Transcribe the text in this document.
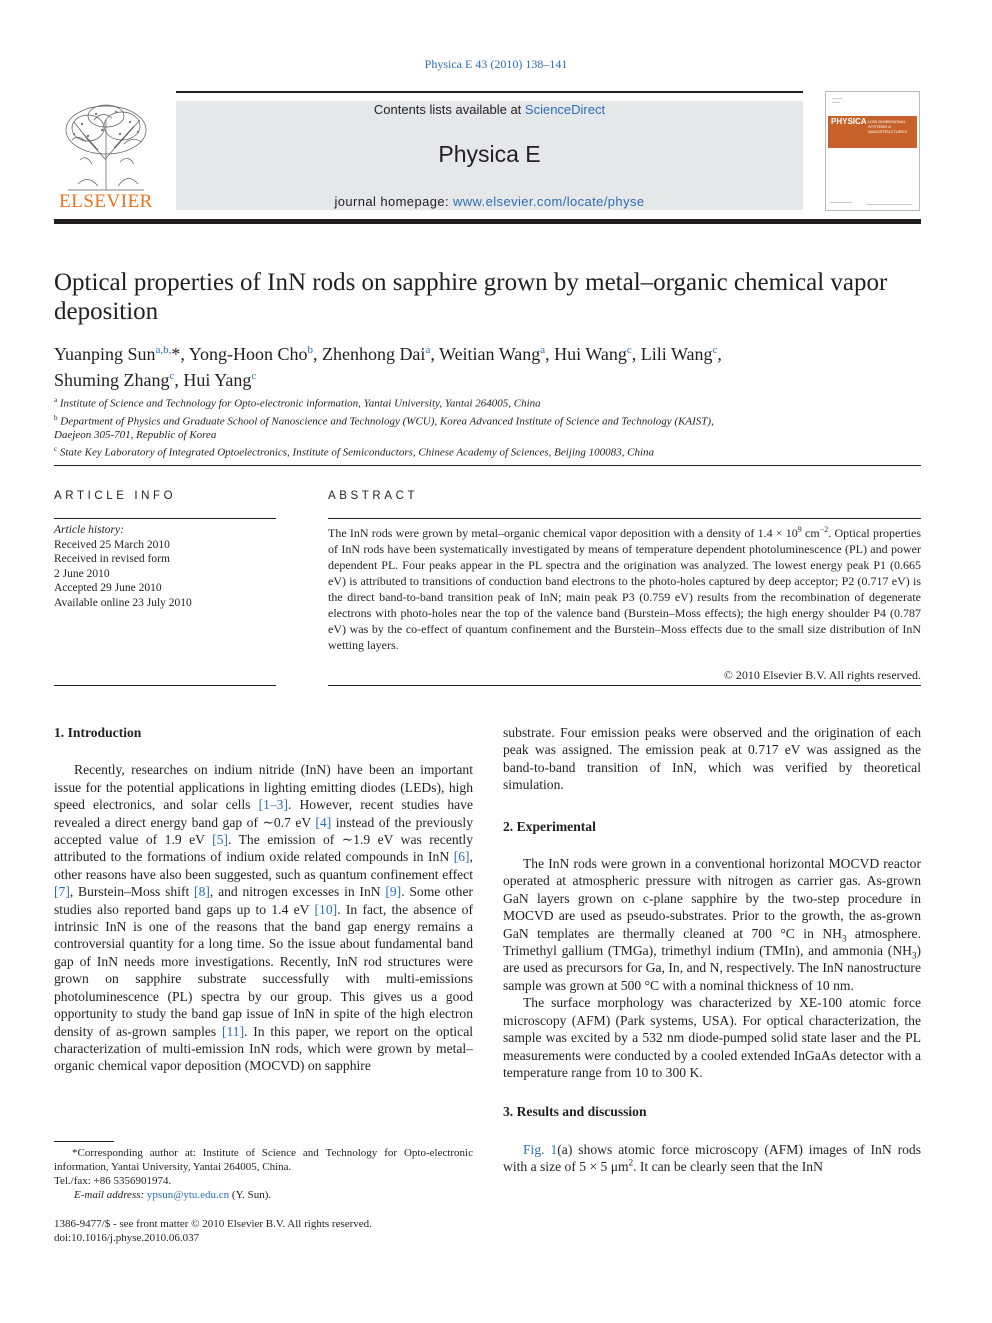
Physica E 43 (2010) 138–141
ELSEVIER
Contents lists available at ScienceDirect
Physica E
journal homepage: www.elsevier.com/locate/physe
PHYSICA LOW-DIMENSIONAL SYSTEMS & NANOSTRUCTURES
Optical properties of InN rods on sapphire grown by metal–organic chemical vapor deposition
Yuanping Sun$^{a,b,}$*, Yong-Hoon Cho$^b$, Zhenhong Dai$^a$, Weitian Wang$^a$, Hui Wang$^c$, Lili Wang$^c$,
Shuming Zhang$^c$, Hui Yang$^c$
$^a$ Institute of Science and Technology for Opto-electronic information, Yantai University, Yantai 264005, China
$^b$ Department of Physics and Graduate School of Nanoscience and Technology (WCU), Korea Advanced Institute of Science and Technology (KAIST),
Daejeon 305-701, Republic of Korea
$^c$ State Key Laboratory of Integrated Optoelectronics, Institute of Semiconductors, Chinese Academy of Sciences, Beijing 100083, China
ARTICLE INFO
Article history:
Received 25 March 2010
Received in revised form
2 June 2010
Accepted 29 June 2010
Available online 23 July 2010
ABSTRACT
The InN rods were grown by metal–organic chemical vapor deposition with a density of $1.4 \times 10^9$ $cm^{-2}$. Optical properties of InN rods have been systematically investigated by means of temperature dependent photoluminescence (PL) and power dependent PL. Four peaks appear in the PL spectra and the origination was analyzed. The lowest energy peak P1 (0.665 eV) is attributed to transitions of conduction band electrons to the photo-holes captured by deep acceptor; P2 (0.717 eV) is the direct band-to-band transition peak of InN; main peak P3 (0.759 eV) results from the recombination of degenerate electrons with photo-holes near the top of the valence band (Burstein–Moss effects); the high energy shoulder P4 (0.787 eV) was by the co-effect of quantum confinement and the Burstein–Moss effects due to the small size distribution of InN wetting layers.
© 2010 Elsevier B.V. All rights reserved.
1. Introduction

Recently, researches on indium nitride (InN) have been an important issue for the potential applications in lighting emitting diodes (LEDs), high speed electronics, and solar cells [1–3]. However, recent studies have revealed a direct energy band gap of ∼0.7 eV [4] instead of the previously accepted value of 1.9 eV [5]. The emission of ∼1.9 eV was recently attributed to the formations of indium oxide related compounds in InN [6], other reasons have also been suggested, such as quantum confinement effect [7], Burstein–Moss shift [8], and nitrogen excesses in InN [9]. Some other studies also reported band gaps up to 1.4 eV [10]. In fact, the absence of intrinsic InN is one of the reasons that the band gap energy remains a controversial quantity for a long time. So the issue about fundamental band gap of InN needs more investigations. Recently, InN rod structures were grown on sapphire substrate successfully with multi-emissions photoluminescence (PL) spectra by our group. This gives us a good opportunity to study the band gap issue of InN in spite of the high electron density of as-grown samples [11]. In this paper, we report on the optical characterization of multi-emission InN rods, which were grown by metal–organic chemical vapor deposition (MOCVD) on sapphire

*Corresponding author at: Institute of Science and Technology for Opto-electronic information, Yantai University, Yantai 264005, China.
Tel./fax: +86 5356901974.
E-mail address: ypsun@ytu.edu.cn (Y. Sun).
1386-9477/$ - see front matter © 2010 Elsevier B.V. All rights reserved.
doi:10.1016/j.physe.2010.06.037

substrate. Four emission peaks were observed and the origination of each peak was assigned. The emission peak at 0.717 eV was assigned as the band-to-band transition of InN, which was verified by theoretical simulation.

2. Experimental

The InN rods were grown in a conventional horizontal MOCVD reactor operated at atmospheric pressure with nitrogen as carrier gas. As-grown GaN layers grown on c-plane sapphire by the two-step procedure in MOCVD are used as pseudo-substrates. Prior to the growth, the as-grown GaN templates are thermally cleaned at 700 °C in $NH_3$ atmosphere. Trimethyl gallium (TMGa), trimethyl indium (TMIn), and ammonia $(NH_3)$ are used as precursors for Ga, In, and N, respectively. The InN nanostructure sample was grown at 500 °C with a nominal thickness of 10 nm.

The surface morphology was characterized by XE-100 atomic force microscopy (AFM) (Park systems, USA). For optical characterization, the sample was excited by a 532 nm diode-pumped solid state laser and the PL measurements were conducted by a cooled extended InGaAs detector with a temperature range from 10 to 300 K.

3. Results and discussion

Fig. 1(a) shows atomic force microscopy (AFM) images of InN rods with a size of 5 × 5 $\mu m^2$. It can be clearly seen that the InN
